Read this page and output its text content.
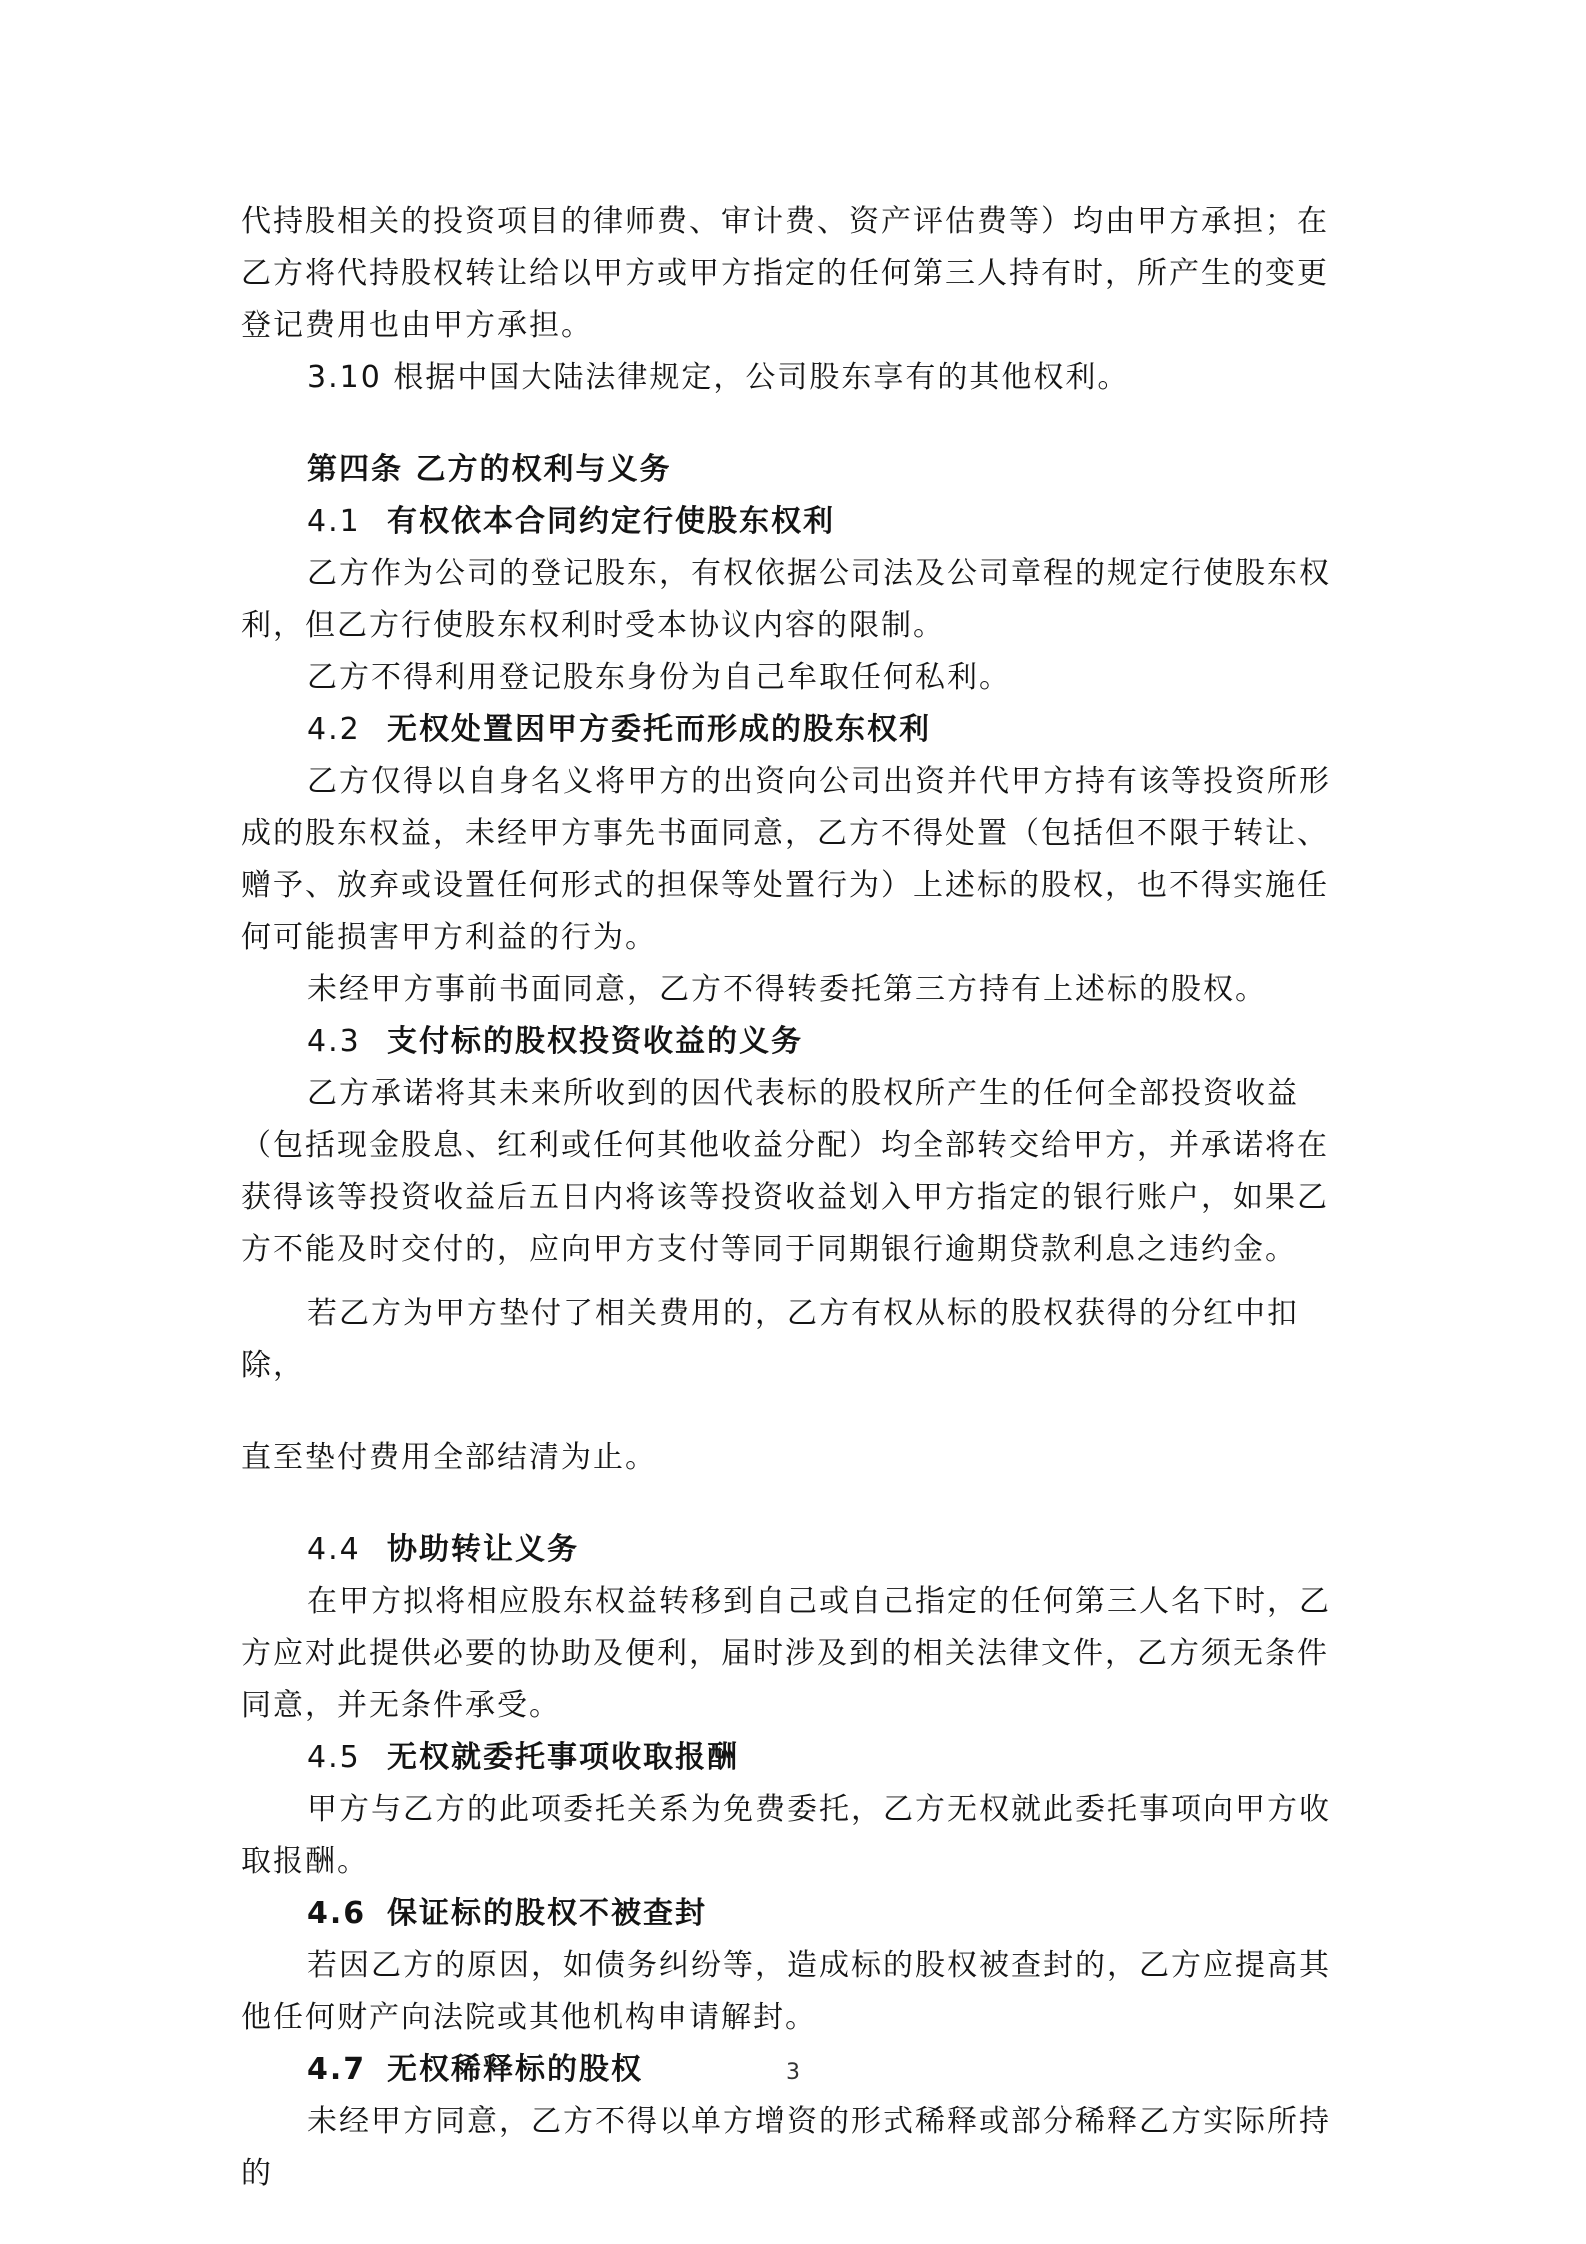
代持股相关的投资项目的律师费、审计费、资产评估费等）均由甲方承担；在乙方将代持股权转让给以甲方或甲方指定的任何第三人持有时，所产生的变更登记费用也由甲方承担。

3.10 根据中国大陆法律规定，公司股东享有的其他权利。

第四条 乙方的权利与义务

4.1 有权依本合同约定行使股东权利

乙方作为公司的登记股东，有权依据公司法及公司章程的规定行使股东权利，但乙方行使股东权利时受本协议内容的限制。

乙方不得利用登记股东身份为自己牟取任何私利。

4.2 无权处置因甲方委托而形成的股东权利

乙方仅得以自身名义将甲方的出资向公司出资并代甲方持有该等投资所形成的股东权益，未经甲方事先书面同意，乙方不得处置（包括但不限于转让、赠予、放弃或设置任何形式的担保等处置行为）上述标的股权，也不得实施任何可能损害甲方利益的行为。

未经甲方事前书面同意，乙方不得转委托第三方持有上述标的股权。

4.3 支付标的股权投资收益的义务

乙方承诺将其未来所收到的因代表标的股权所产生的任何全部投资收益（包括现金股息、红利或任何其他收益分配）均全部转交给甲方，并承诺将在获得该等投资收益后五日内将该等投资收益划入甲方指定的银行账户，如果乙方不能及时交付的，应向甲方支付等同于同期银行逾期贷款利息之违约金。

若乙方为甲方垫付了相关费用的，乙方有权从标的股权获得的分红中扣除，

直至垫付费用全部结清为止。

4.4 协助转让义务

在甲方拟将相应股东权益转移到自己或自己指定的任何第三人名下时，乙方应对此提供必要的协助及便利，届时涉及到的相关法律文件，乙方须无条件同意，并无条件承受。

4.5 无权就委托事项收取报酬

甲方与乙方的此项委托关系为免费委托，乙方无权就此委托事项向甲方收取报酬。

4.6 保证标的股权不被查封

若因乙方的原因，如债务纠纷等，造成标的股权被查封的，乙方应提高其他任何财产向法院或其他机构申请解封。

4.7 无权稀释标的股权

未经甲方同意，乙方不得以单方增资的形式稀释或部分稀释乙方实际所持的

3
